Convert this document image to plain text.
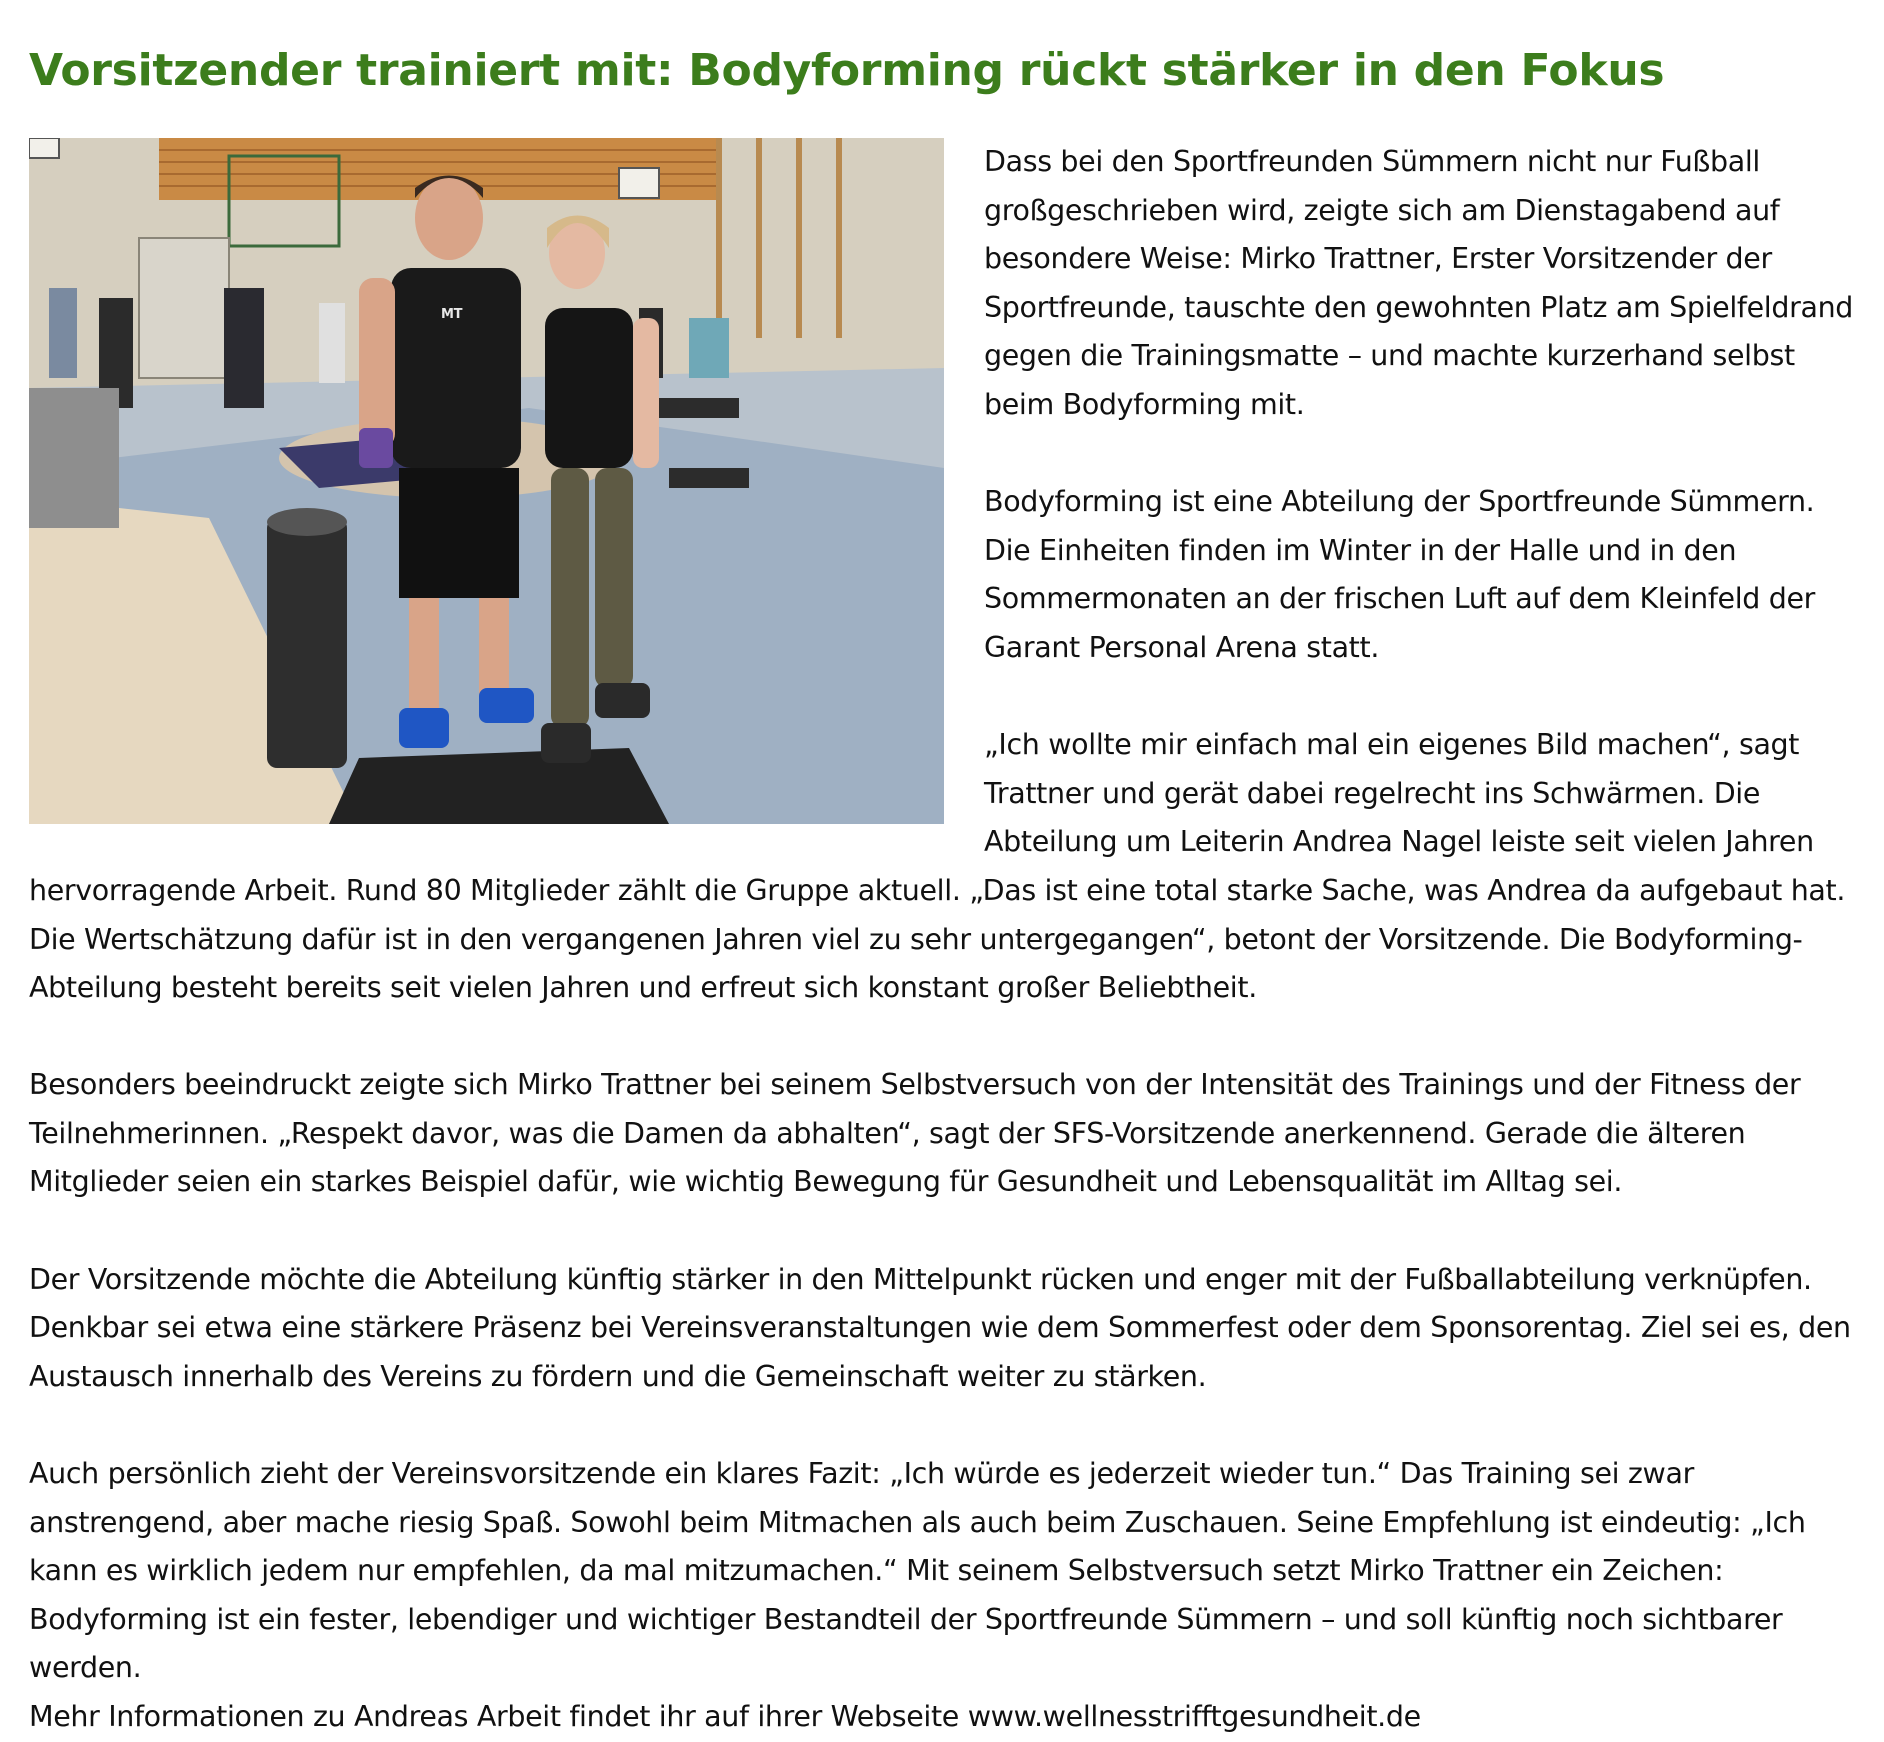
Vorsitzender trainiert mit: Bodyforming rückt stärker in den Fokus
MT

Dass bei den Sportfreunden Sümmern nicht nur Fußball großgeschrieben wird, zeigte sich am Dienstagabend auf besondere Weise: Mirko Trattner, Erster Vorsitzender der Sportfreunde, tauschte den gewohnten Platz am Spielfeldrand gegen die Trainingsmatte – und machte kurzerhand selbst beim Bodyforming mit.

Bodyforming ist eine Abteilung der Sportfreunde Sümmern. Die Einheiten finden im Winter in der Halle und in den Sommermonaten an der frischen Luft auf dem Kleinfeld der Garant Personal Arena statt.

„Ich wollte mir einfach mal ein eigenes Bild machen“, sagt Trattner und gerät dabei regelrecht ins Schwärmen. Die Abteilung um Leiterin Andrea Nagel leiste seit vielen Jahren hervorragende Arbeit. Rund 80 Mitglieder zählt die Gruppe aktuell. „Das ist eine total starke Sache, was Andrea da aufgebaut hat. Die Wertschätzung dafür ist in den vergangenen Jahren viel zu sehr untergegangen“, betont der Vorsitzende. Die Bodyforming-Abteilung besteht bereits seit vielen Jahren und erfreut sich konstant großer Beliebtheit.

Besonders beeindruckt zeigte sich Mirko Trattner bei seinem Selbstversuch von der Intensität des Trainings und der Fitness der Teilnehmerinnen. „Respekt davor, was die Damen da abhalten“, sagt der SFS-Vorsitzende anerkennend. Gerade die älteren Mitglieder seien ein starkes Beispiel dafür, wie wichtig Bewegung für Gesundheit und Lebensqualität im Alltag sei.

Der Vorsitzende möchte die Abteilung künftig stärker in den Mittelpunkt rücken und enger mit der Fußballabteilung verknüpfen. Denkbar sei etwa eine stärkere Präsenz bei Vereinsveranstaltungen wie dem Sommerfest oder dem Sponsorentag. Ziel sei es, den Austausch innerhalb des Vereins zu fördern und die Gemeinschaft weiter zu stärken.

Auch persönlich zieht der Vereinsvorsitzende ein klares Fazit: „Ich würde es jederzeit wieder tun.“ Das Training sei zwar anstrengend, aber mache riesig Spaß. Sowohl beim Mitmachen als auch beim Zuschauen. Seine Empfehlung ist eindeutig: „Ich kann es wirklich jedem nur empfehlen, da mal mitzumachen.“ Mit seinem Selbstversuch setzt Mirko Trattner ein Zeichen: Bodyforming ist ein fester, lebendiger und wichtiger Bestandteil der Sportfreunde Sümmern – und soll künftig noch sichtbarer werden.

Mehr Informationen zu Andreas Arbeit findet ihr auf ihrer Webseite www.wellnesstrifftgesundheit.de
